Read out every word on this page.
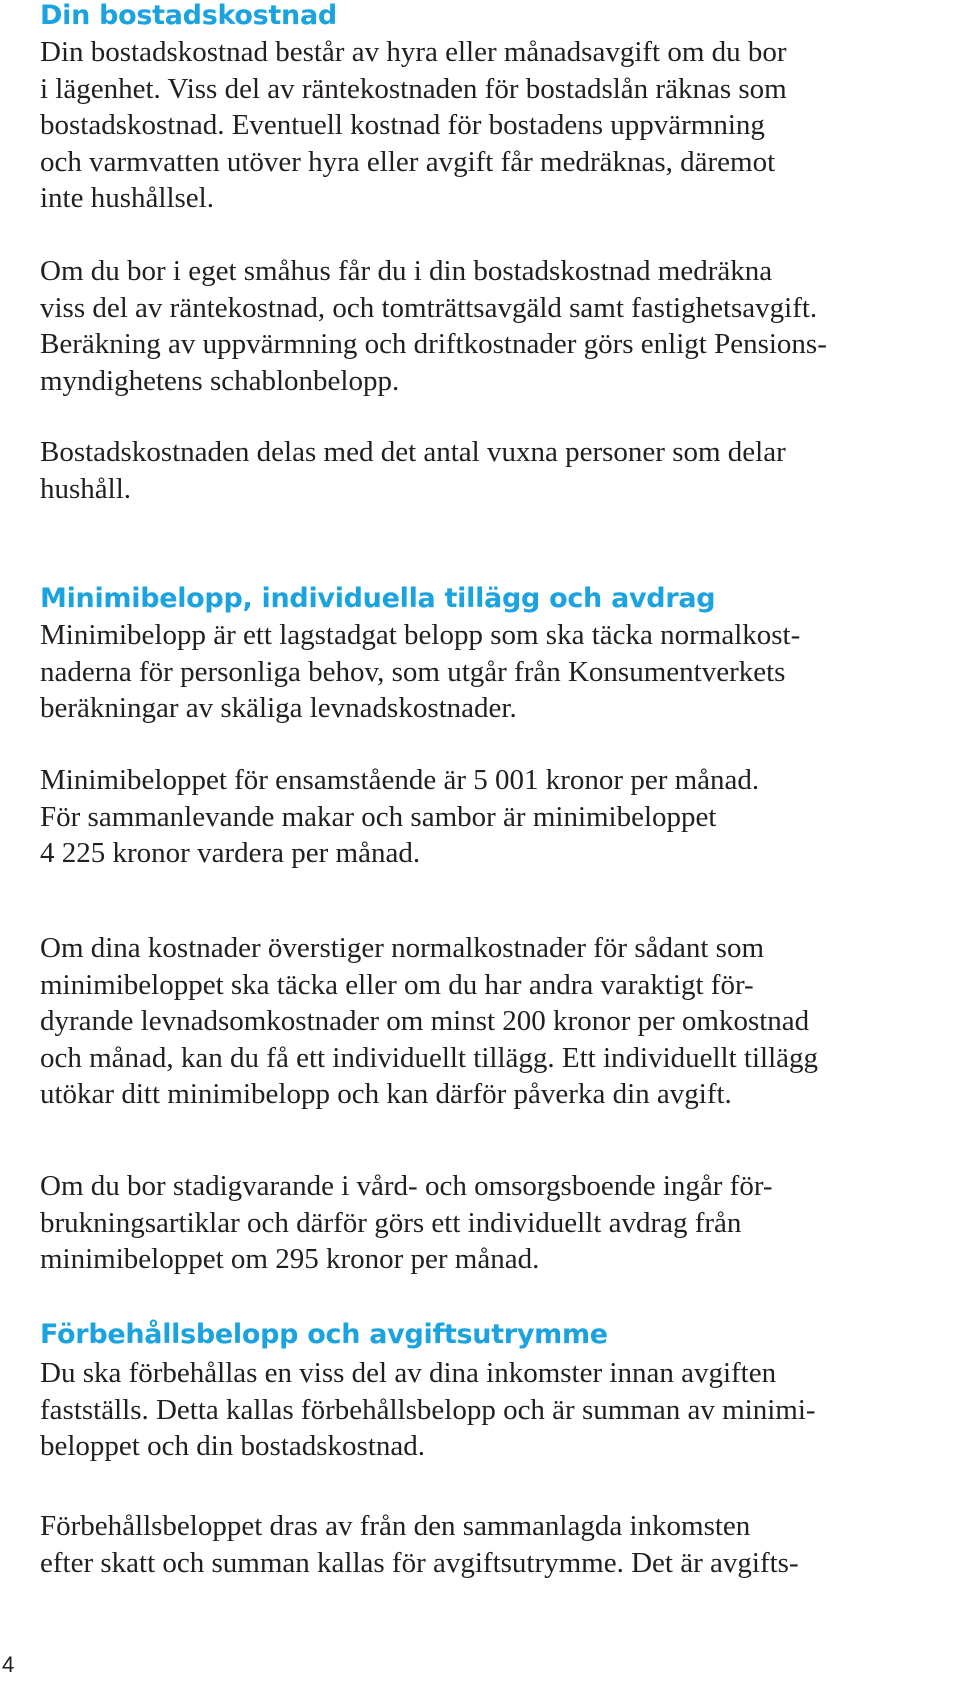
Din bostadskostnad

Din bostadskostnad består av hyra eller månadsavgift om du bor
i lägenhet. Viss del av räntekostnaden för bostadslån räknas som
bostadskostnad. Eventuell kostnad för bostadens uppvärmning
och varmvatten utöver hyra eller avgift får medräknas, däremot
inte hushållsel.

Om du bor i eget småhus får du i din bostadskostnad medräkna
viss del av räntekostnad, och tomträttsavgäld samt fastighetsavgift.
Beräkning av uppvärmning och driftkostnader görs enligt Pensions-
myndighetens schablonbelopp.

Bostadskostnaden delas med det antal vuxna personer som delar
hushåll.

Minimibelopp, individuella tillägg och avdrag

Minimibelopp är ett lagstadgat belopp som ska täcka normalkost-
naderna för personliga behov, som utgår från Konsumentverkets
beräkningar av skäliga levnadskostnader.

Minimibeloppet för ensamstående är 5 001 kronor per månad.
För sammanlevande makar och sambor är minimibeloppet
4 225 kronor vardera per månad.

Om dina kostnader överstiger normalkostnader för sådant som
minimibeloppet ska täcka eller om du har andra varaktigt för-
dyrande levnadsomkostnader om minst 200 kronor per omkostnad
och månad, kan du få ett individuellt tillägg. Ett individuellt tillägg
utökar ditt minimibelopp och kan därför påverka din avgift.

Om du bor stadigvarande i vård- och omsorgsboende ingår för-
brukningsartiklar och därför görs ett individuellt avdrag från
minimibeloppet om 295 kronor per månad.

Förbehållsbelopp och avgiftsutrymme

Du ska förbehållas en viss del av dina inkomster innan avgiften
fastställs. Detta kallas förbehållsbelopp och är summan av minimi-
beloppet och din bostadskostnad.

Förbehållsbeloppet dras av från den sammanlagda inkomsten
efter skatt och summan kallas för avgiftsutrymme. Det är avgifts-

4
